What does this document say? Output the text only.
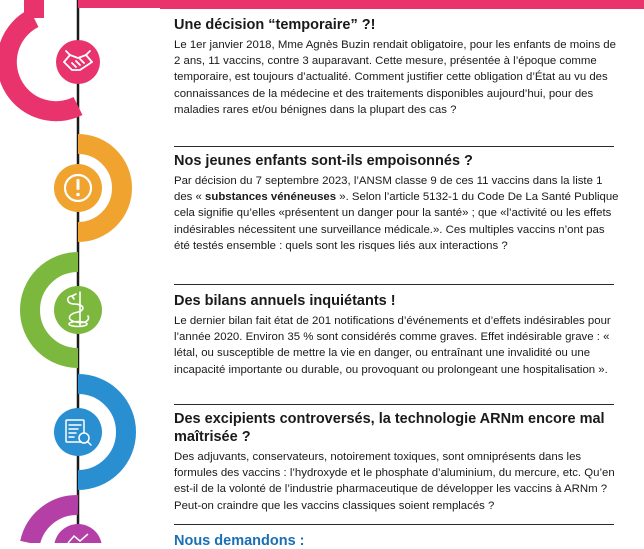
Une décision “temporaire” ?!

Le 1er janvier 2018, Mme Agnès Buzin rendait obligatoire, pour les enfants de moins de 2 ans, 11 vaccins, contre 3 auparavant. Cette mesure, présentée à l’époque comme temporaire, est toujours d’actualité. Comment justifier cette obligation d’État au vu des connaissances de la médecine et des traitements disponibles aujourd’hui, pour des maladies rares et/ou bénignes dans la plupart des cas ?

Nos jeunes enfants sont-ils empoisonnés ?

Par décision du 7 septembre 2023, l’ANSM classe 9 de ces 11 vaccins dans la liste 1 des « substances vénéneuses ». Selon l’article 5132-1 du Code De La Santé Publique cela signifie qu’elles «présentent un danger pour la santé» ; que «l’activité ou les effets indésirables nécessitent une surveillance médicale.». Ces multiples vaccins n’ont pas été testés ensemble : quels sont les risques liés aux interactions ?

Des bilans annuels inquiétants !

Le dernier bilan fait état de 201 notifications d’événements et d’effets indésirables pour l’année 2020. Environ 35 % sont considérés comme graves. Effet indésirable grave : « létal, ou susceptible de mettre la vie en danger, ou entraînant une invalidité ou une incapacité importante ou durable, ou provoquant ou prolongeant une hospitalisation ».

Des excipients controversés, la technologie ARNm encore mal maîtrisée ?

Des adjuvants, conservateurs, notoirement toxiques, sont omniprésents dans les formules des vaccins : l’hydroxyde et le phosphate d’aluminium, du mercure, etc. Qu’en est-il de la volonté de l’industrie pharmaceutique de développer les vaccins à ARNm ? Peut-on craindre que les vaccins classiques soient remplacés ?

Nous demandons :
